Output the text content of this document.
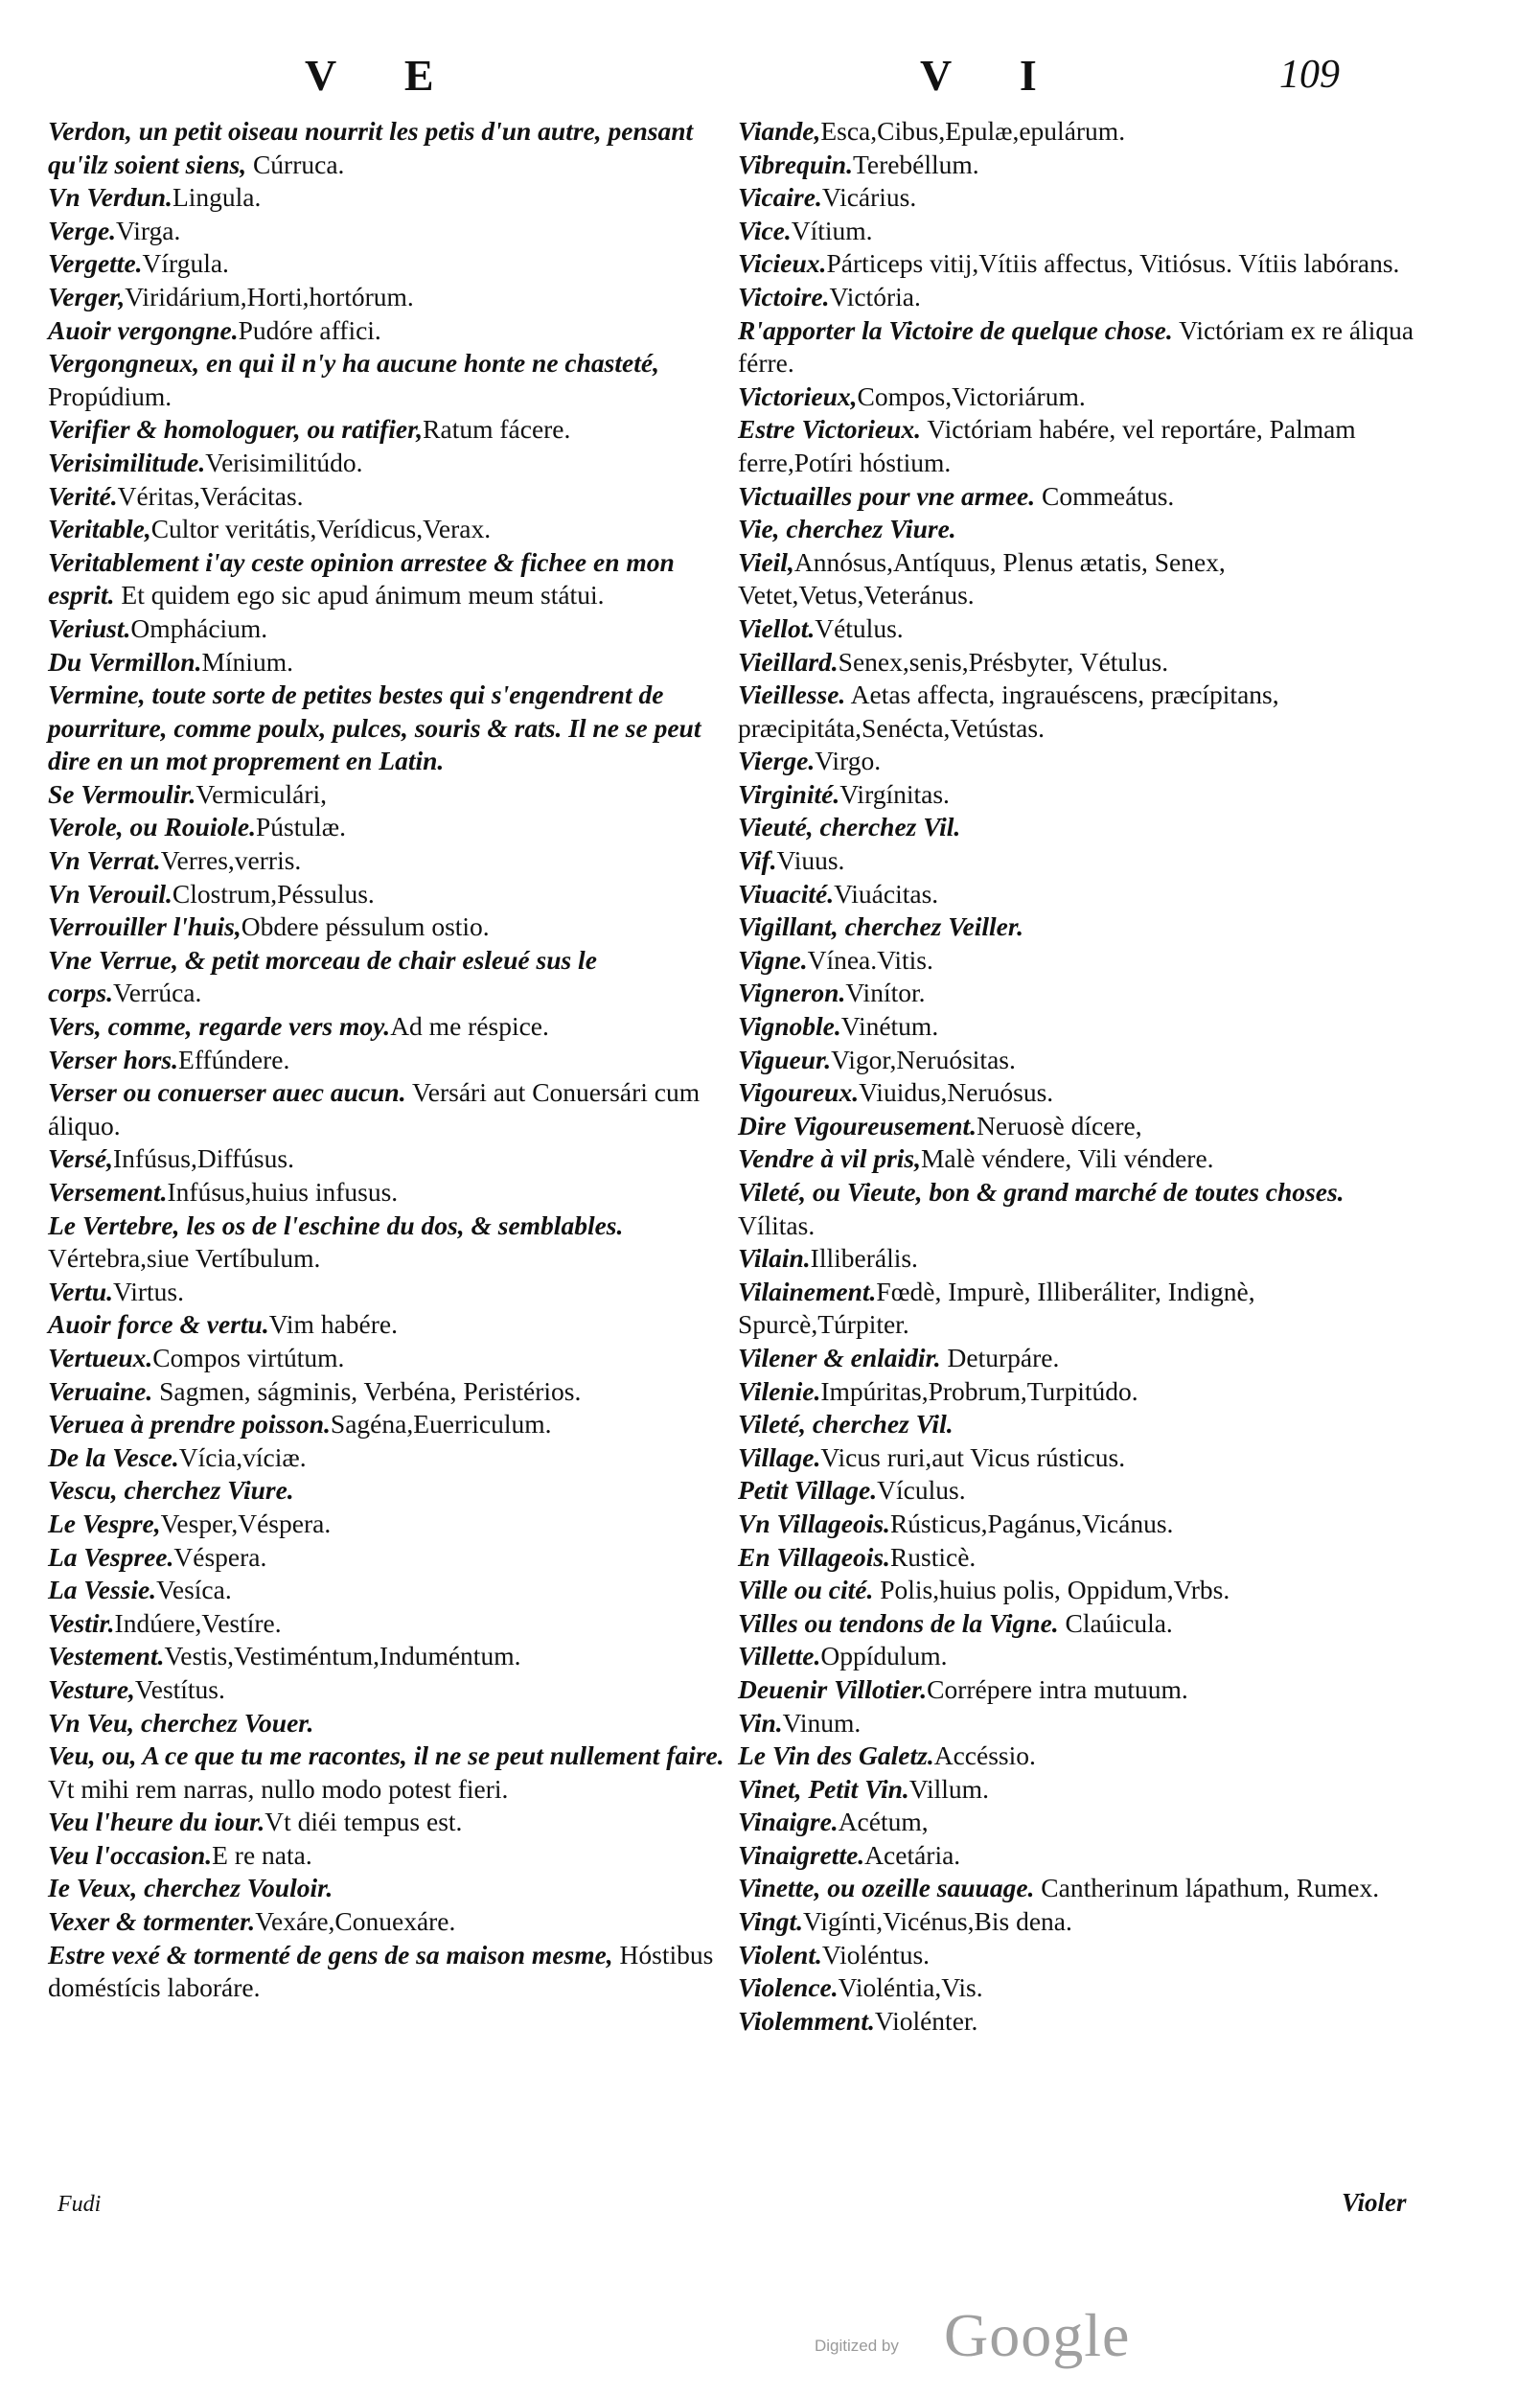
V E	V I	109
Verdon, un petit oiseau nourrit les petis d'un autre, pensant qu'ilz soient siens, Cúrruca.
Vn Verdun.Lingula.
Verge.Virga.
Vergette.Vírgula.
Verger,Viridárium,Horti,hortórum.
Auoir vergongne.Pudóre affici.
Vergongneux, en qui il n'y ha aucune honte ne chasteté, Propúdium.
Verifier & homologuer, ou ratifier,Ratum fácere.
Verisimilitude.Verisimilitúdo.
Verité.Véritas,Verácitas.
Veritable,Cultor veritátis,Verídicus,Verax.
Veritablement i'ay ceste opinion arrestee & fichee en mon esprit. Et quidem ego sic apud ánimum meum státui.
Veriust.Omphácium.
Du Vermillon.Mínium.
Vermine, toute sorte de petites bestes qui s'engendrent de pourriture, comme poulx, pulces, souris & rats. Il ne se peut dire en un mot proprement en Latin.
Se Vermoulir.Vermiculári,
Verole, ou Rouiole.Pústulæ.
Vn Verrat.Verres,verris.
Vn Verouil.Clostrum,Péssulus.
Verrouiller l'huis,Obdere péssulum ostio.
Vne Verrue, & petit morceau de chair esleué sus le corps.Verrúca.
Vers, comme, regarde vers moy.Ad me réspice.
Verser hors.Effúndere.
Verser ou conuerser auec aucun. Versári aut Conuersári cum áliquo.
Versé,Infúsus,Diffúsus.
Versement.Infúsus,huius infusus.
Le Vertebre, les os de l'eschine du dos, & semblables. Vértebra,siue Vertíbulum.
Vertu.Virtus.
Auoir force & vertu.Vim habére.
Vertueux.Compos virtútum.
Veruaine. Sagmen, ságminis, Verbéna, Peristérios.
Veruea à prendre poisson.Sagéna,Euerriculum.
De la Vesce.Vícia,víciæ.
Vescu, cherchez Viure.
Le Vespre,Vesper,Véspera.
La Vespree.Véspera.
La Vessie.Vesíca.
Vestir.Indúere,Vestíre.
Vestement.Vestis,Vestiméntum,Induméntum.
Vesture,Vestítus.
Vn Veu, cherchez Vouer.
Veu, ou, A ce que tu me racontes, il ne se peut nullement faire. Vt mihi rem narras, nullo modo potest fieri.
Veu l'heure du iour.Vt diéi tempus est.
Veu l'occasion.E re nata.
Ie Veux, cherchez Vouloir.
Vexer & tormenter.Vexáre,Conuexáre.
Estre vexé & tormenté de gens de sa maison mesme, Hóstibus doméstícis laboráre.
Viande,Esca,Cibus,Epulæ,epulárum.
Vibrequin.Terebéllum.
Vicaire.Vicárius.
Vice.Vítium.
Vicieux.Párticeps vitij,Vítiis affectus, Vitiósus. Vítiis labórans.
Victoire.Victória.
R'apporter la Victoire de quelque chose. Victóriam ex re áliqua férre.
Victorieux,Compos,Victoriárum.
Estre Victorieux. Victóriam habére, vel reportáre, Palmam ferre,Potíri hóstium.
Victuailles pour vne armee. Commeátus.
Vie, cherchez Viure.
Vieil,Annósus,Antíquus, Plenus ætatis, Senex, Vetet,Vetus,Veteránus.
Viellot.Vétulus.
Vieillard.Senex,senis,Présbyter, Vétulus.
Vieillesse. Aetas affecta, ingrauéscens, præcípitans, præcipitáta,Senécta,Vetústas.
Vierge.Virgo.
Virginité.Virgínitas.
Vieuté, cherchez Vil.
Vif.Viuus.
Viuacité.Viuácitas.
Vigillant, cherchez Veiller.
Vigne.Vínea.Vitis.
Vigneron.Vinítor.
Vignoble.Vinétum.
Vigueur.Vigor,Neruósitas.
Vigoureux.Viuidus,Neruósus.
Dire Vigoureusement.Neruosè dícere,
Vendre à vil pris,Malè véndere, Vili véndere.
Vileté, ou Vieute, bon & grand marché de toutes choses. Vílitas.
Vilain.Illiberális.
Vilainement.Fœdè, Impurè, Illiberáliter, Indignè, Spurcè,Túrpiter.
Vilener & enlaidir. Deturpáre.
Vilenie.Impúritas,Probrum,Turpitúdo.
Vileté, cherchez Vil.
Village.Vicus ruri,aut Vicus rústicus.
Petit Village.Vículus.
Vn Villageois.Rústicus,Pagánus,Vicánus.
En Villageois.Rusticè.
Ville ou cité. Polis,huius polis, Oppidum,Vrbs.
Villes ou tendons de la Vigne. Claúicula.
Villette.Oppídulum.
Deuenir Villotier.Corrépere intra mutuum.
Vin.Vinum.
Le Vin des Galetz.Accéssio.
Vinet, Petit Vin.Villum.
Vinaigre.Acétum,
Vinaigrette.Acetária.
Vinette, ou ozeille sauuage. Cantherinum lápathum, Rumex.
Vingt.Vigínti,Vicénus,Bis dena.
Violent.Violéntus.
Violence.Violéntia,Vis.
Violemment.Violénter.
Fudi	Violer
Digitized by Google
